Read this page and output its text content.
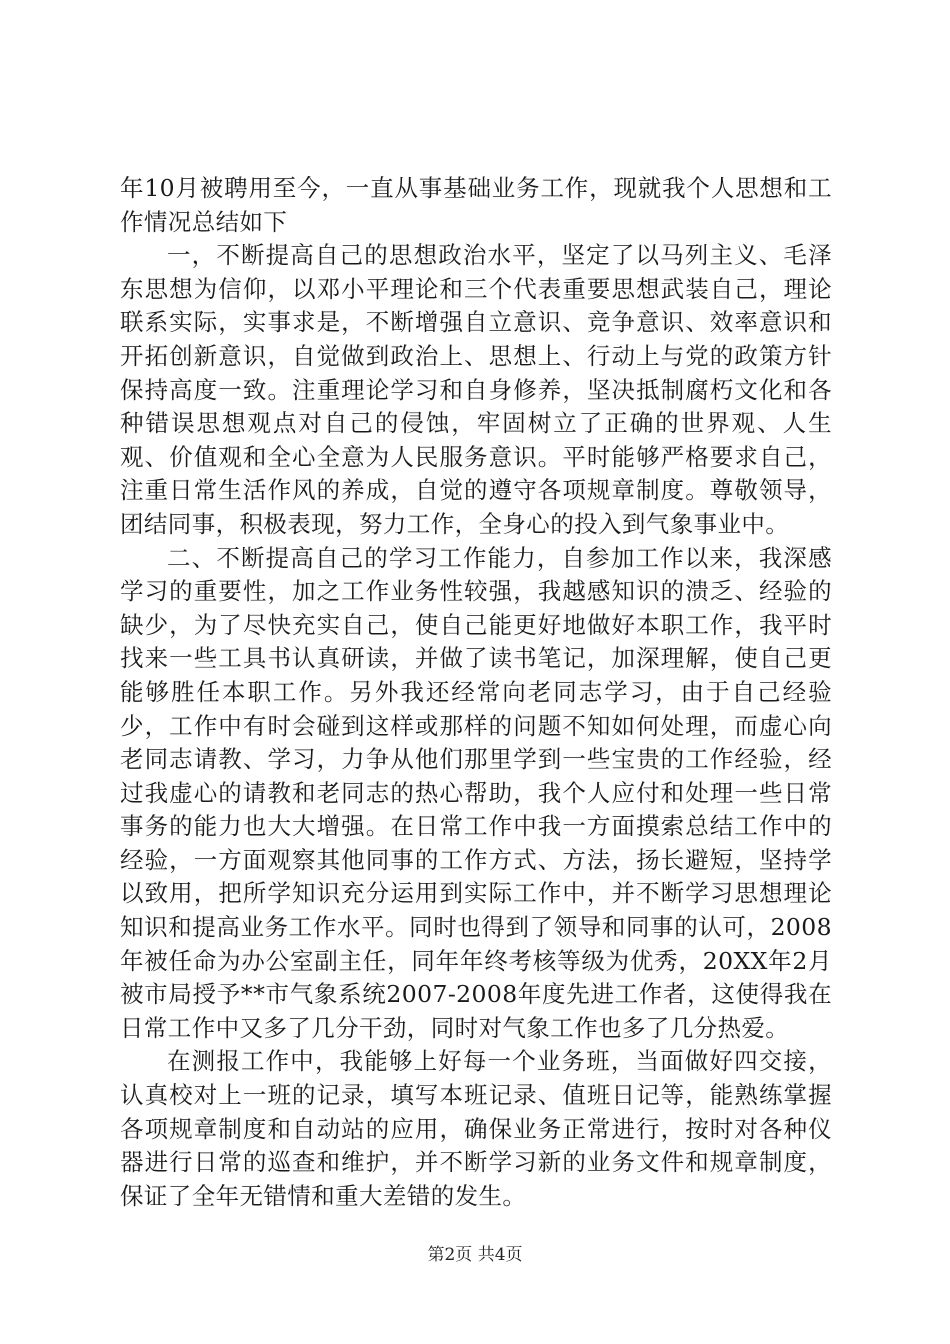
年10月被聘用至今，一直从事基础业务工作，现就我个人思想和工作情况总结如下

一，不断提高自己的思想政治水平，坚定了以马列主义、毛泽东思想为信仰，以邓小平理论和三个代表重要思想武装自己，理论联系实际，实事求是，不断增强自立意识、竞争意识、效率意识和开拓创新意识，自觉做到政治上、思想上、行动上与党的政策方针保持高度一致。注重理论学习和自身修养，坚决抵制腐朽文化和各种错误思想观点对自己的侵蚀，牢固树立了正确的世界观、人生观、价值观和全心全意为人民服务意识。平时能够严格要求自己，注重日常生活作风的养成，自觉的遵守各项规章制度。尊敬领导，团结同事，积极表现，努力工作，全身心的投入到气象事业中。

二、不断提高自己的学习工作能力，自参加工作以来，我深感学习的重要性，加之工作业务性较强，我越感知识的溃乏、经验的缺少，为了尽快充实自己，使自己能更好地做好本职工作，我平时找来一些工具书认真研读，并做了读书笔记，加深理解，使自己更能够胜任本职工作。另外我还经常向老同志学习，由于自己经验少，工作中有时会碰到这样或那样的问题不知如何处理，而虚心向老同志请教、学习，力争从他们那里学到一些宝贵的工作经验，经过我虚心的请教和老同志的热心帮助，我个人应付和处理一些日常事务的能力也大大增强。在日常工作中我一方面摸索总结工作中的经验，一方面观察其他同事的工作方式、方法，扬长避短，坚持学以致用，把所学知识充分运用到实际工作中，并不断学习思想理论知识和提高业务工作水平。同时也得到了领导和同事的认可，2008年被任命为办公室副主任，同年年终考核等级为优秀，20XX年2月被市局授予**市气象系统2007-2008年度先进工作者，这使得我在日常工作中又多了几分干劲，同时对气象工作也多了几分热爱。

在测报工作中，我能够上好每一个业务班，当面做好四交接，认真校对上一班的记录，填写本班记录、值班日记等，能熟练掌握各项规章制度和自动站的应用，确保业务正常进行，按时对各种仪器进行日常的巡查和维护，并不断学习新的业务文件和规章制度，保证了全年无错情和重大差错的发生。

第2页 共4页
